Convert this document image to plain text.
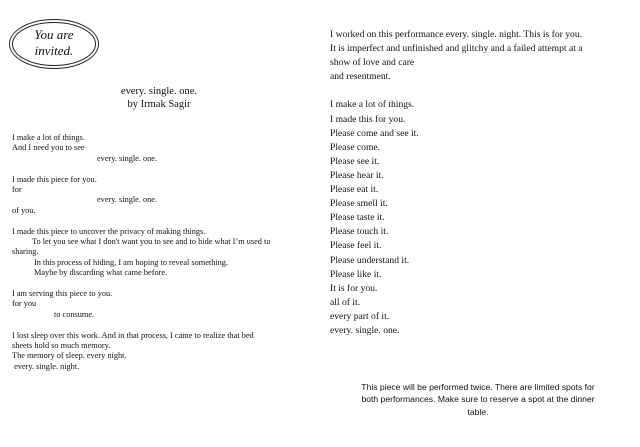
You are
invited.
every. single. one.
by Irmak Sagir
I make a lot of things.
And I need you to see
every. single. one.
I made this piece for you.
for
every. single. one.
of you.
I made this piece to uncover the privacy of making things.
To let you see what I don't want you to see and to hide what I’m used to
sharing.
In this process of hiding, I am hoping to reveal something.
Maybe by discarding what came before.
I am serving this piece to you.
for you
to consume.
I lost sleep over this work. And in that process, I came to realize that bed
sheets hold so much memory.
The memory of sleep. every night.
every. single. night.
I worked on this performance every. single. night. This is for you.
It is imperfect and unfinished and glitchy and a failed attempt at a
show of love and care
and resentment.
I make a lot of things.
I made this for you.
Please come and see it.
Please come.
Please see it.
Please hear it.
Please eat it.
Please smell it.
Please taste it.
Please touch it.
Please feel it.
Please understand it.
Please like it.
It is for you.
all of it.
every part of it.
every. single. one.
This piece will be performed twice. There are limited spots for
both performances. Make sure to reserve a spot at the dinner
table.
